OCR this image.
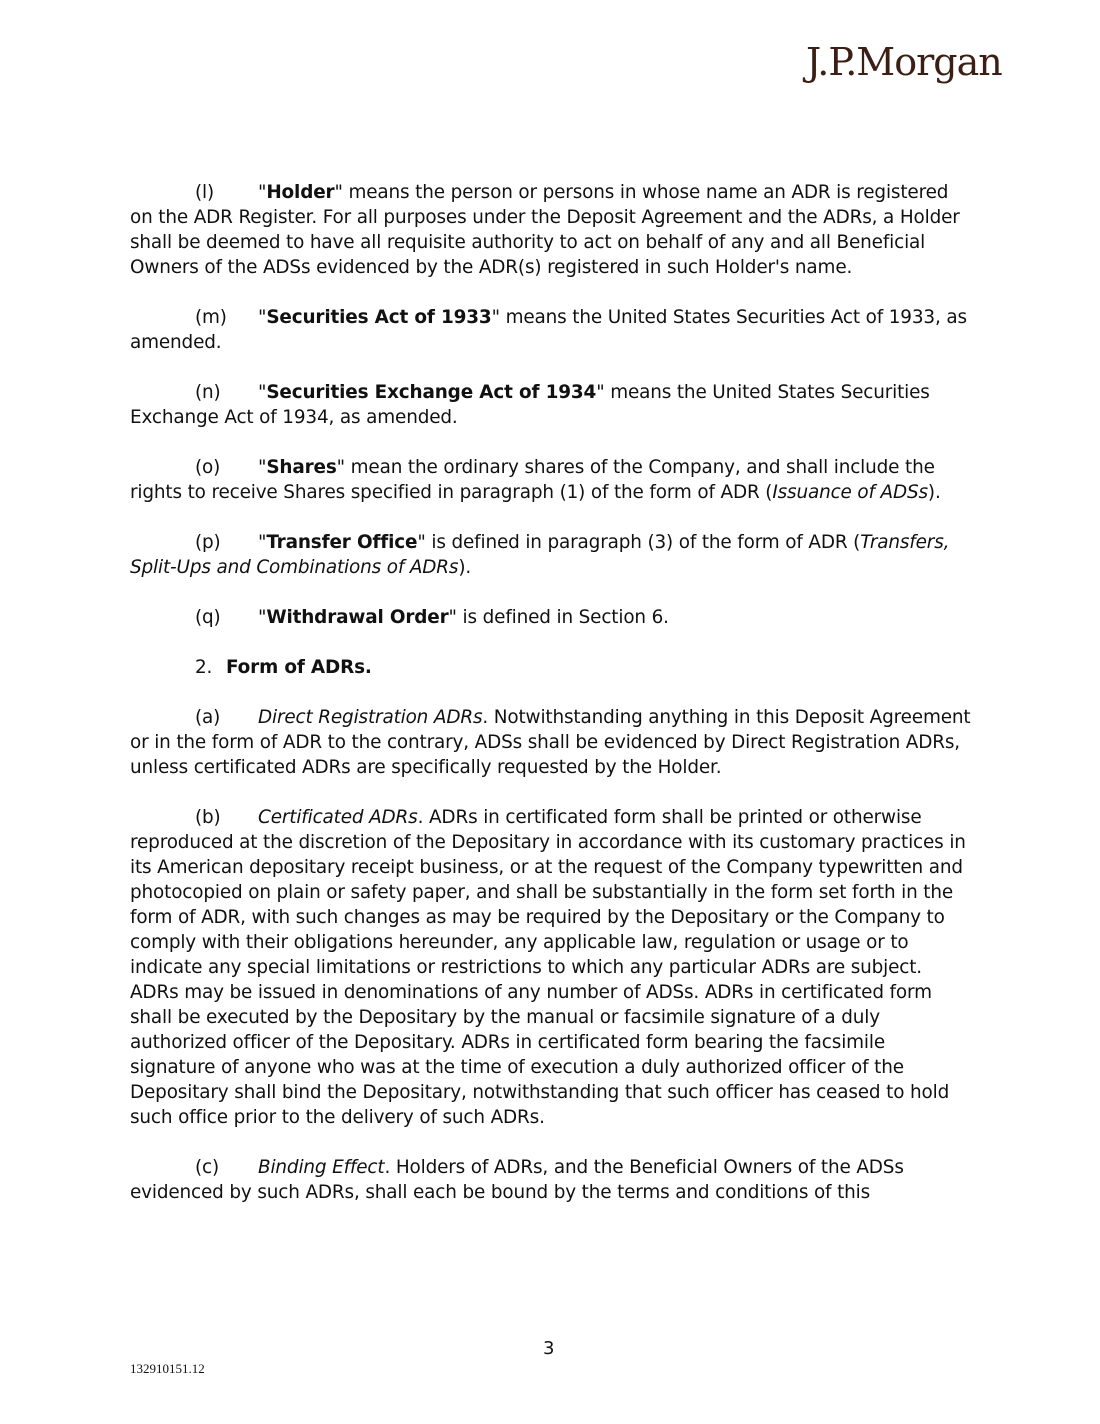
J.P.Morgan

(l) "Holder" means the person or persons in whose name an ADR is registered on the ADR Register. For all purposes under the Deposit Agreement and the ADRs, a Holder shall be deemed to have all requisite authority to act on behalf of any and all Beneficial Owners of the ADSs evidenced by the ADR(s) registered in such Holder's name.

(m) "Securities Act of 1933" means the United States Securities Act of 1933, as amended.

(n) "Securities Exchange Act of 1934" means the United States Securities Exchange Act of 1934, as amended.

(o) "Shares" mean the ordinary shares of the Company, and shall include the rights to receive Shares specified in paragraph (1) of the form of ADR (Issuance of ADSs).

(p) "Transfer Office" is defined in paragraph (3) of the form of ADR (Transfers, Split-Ups and Combinations of ADRs).

(q) "Withdrawal Order" is defined in Section 6.

2. Form of ADRs.

(a) Direct Registration ADRs. Notwithstanding anything in this Deposit Agreement or in the form of ADR to the contrary, ADSs shall be evidenced by Direct Registration ADRs, unless certificated ADRs are specifically requested by the Holder.

(b) Certificated ADRs. ADRs in certificated form shall be printed or otherwise reproduced at the discretion of the Depositary in accordance with its customary practices in its American depositary receipt business, or at the request of the Company typewritten and photocopied on plain or safety paper, and shall be substantially in the form set forth in the form of ADR, with such changes as may be required by the Depositary or the Company to comply with their obligations hereunder, any applicable law, regulation or usage or to indicate any special limitations or restrictions to which any particular ADRs are subject. ADRs may be issued in denominations of any number of ADSs. ADRs in certificated form shall be executed by the Depositary by the manual or facsimile signature of a duly authorized officer of the Depositary. ADRs in certificated form bearing the facsimile signature of anyone who was at the time of execution a duly authorized officer of the Depositary shall bind the Depositary, notwithstanding that such officer has ceased to hold such office prior to the delivery of such ADRs.

(c) Binding Effect. Holders of ADRs, and the Beneficial Owners of the ADSs evidenced by such ADRs, shall each be bound by the terms and conditions of this

3
132910151.12
